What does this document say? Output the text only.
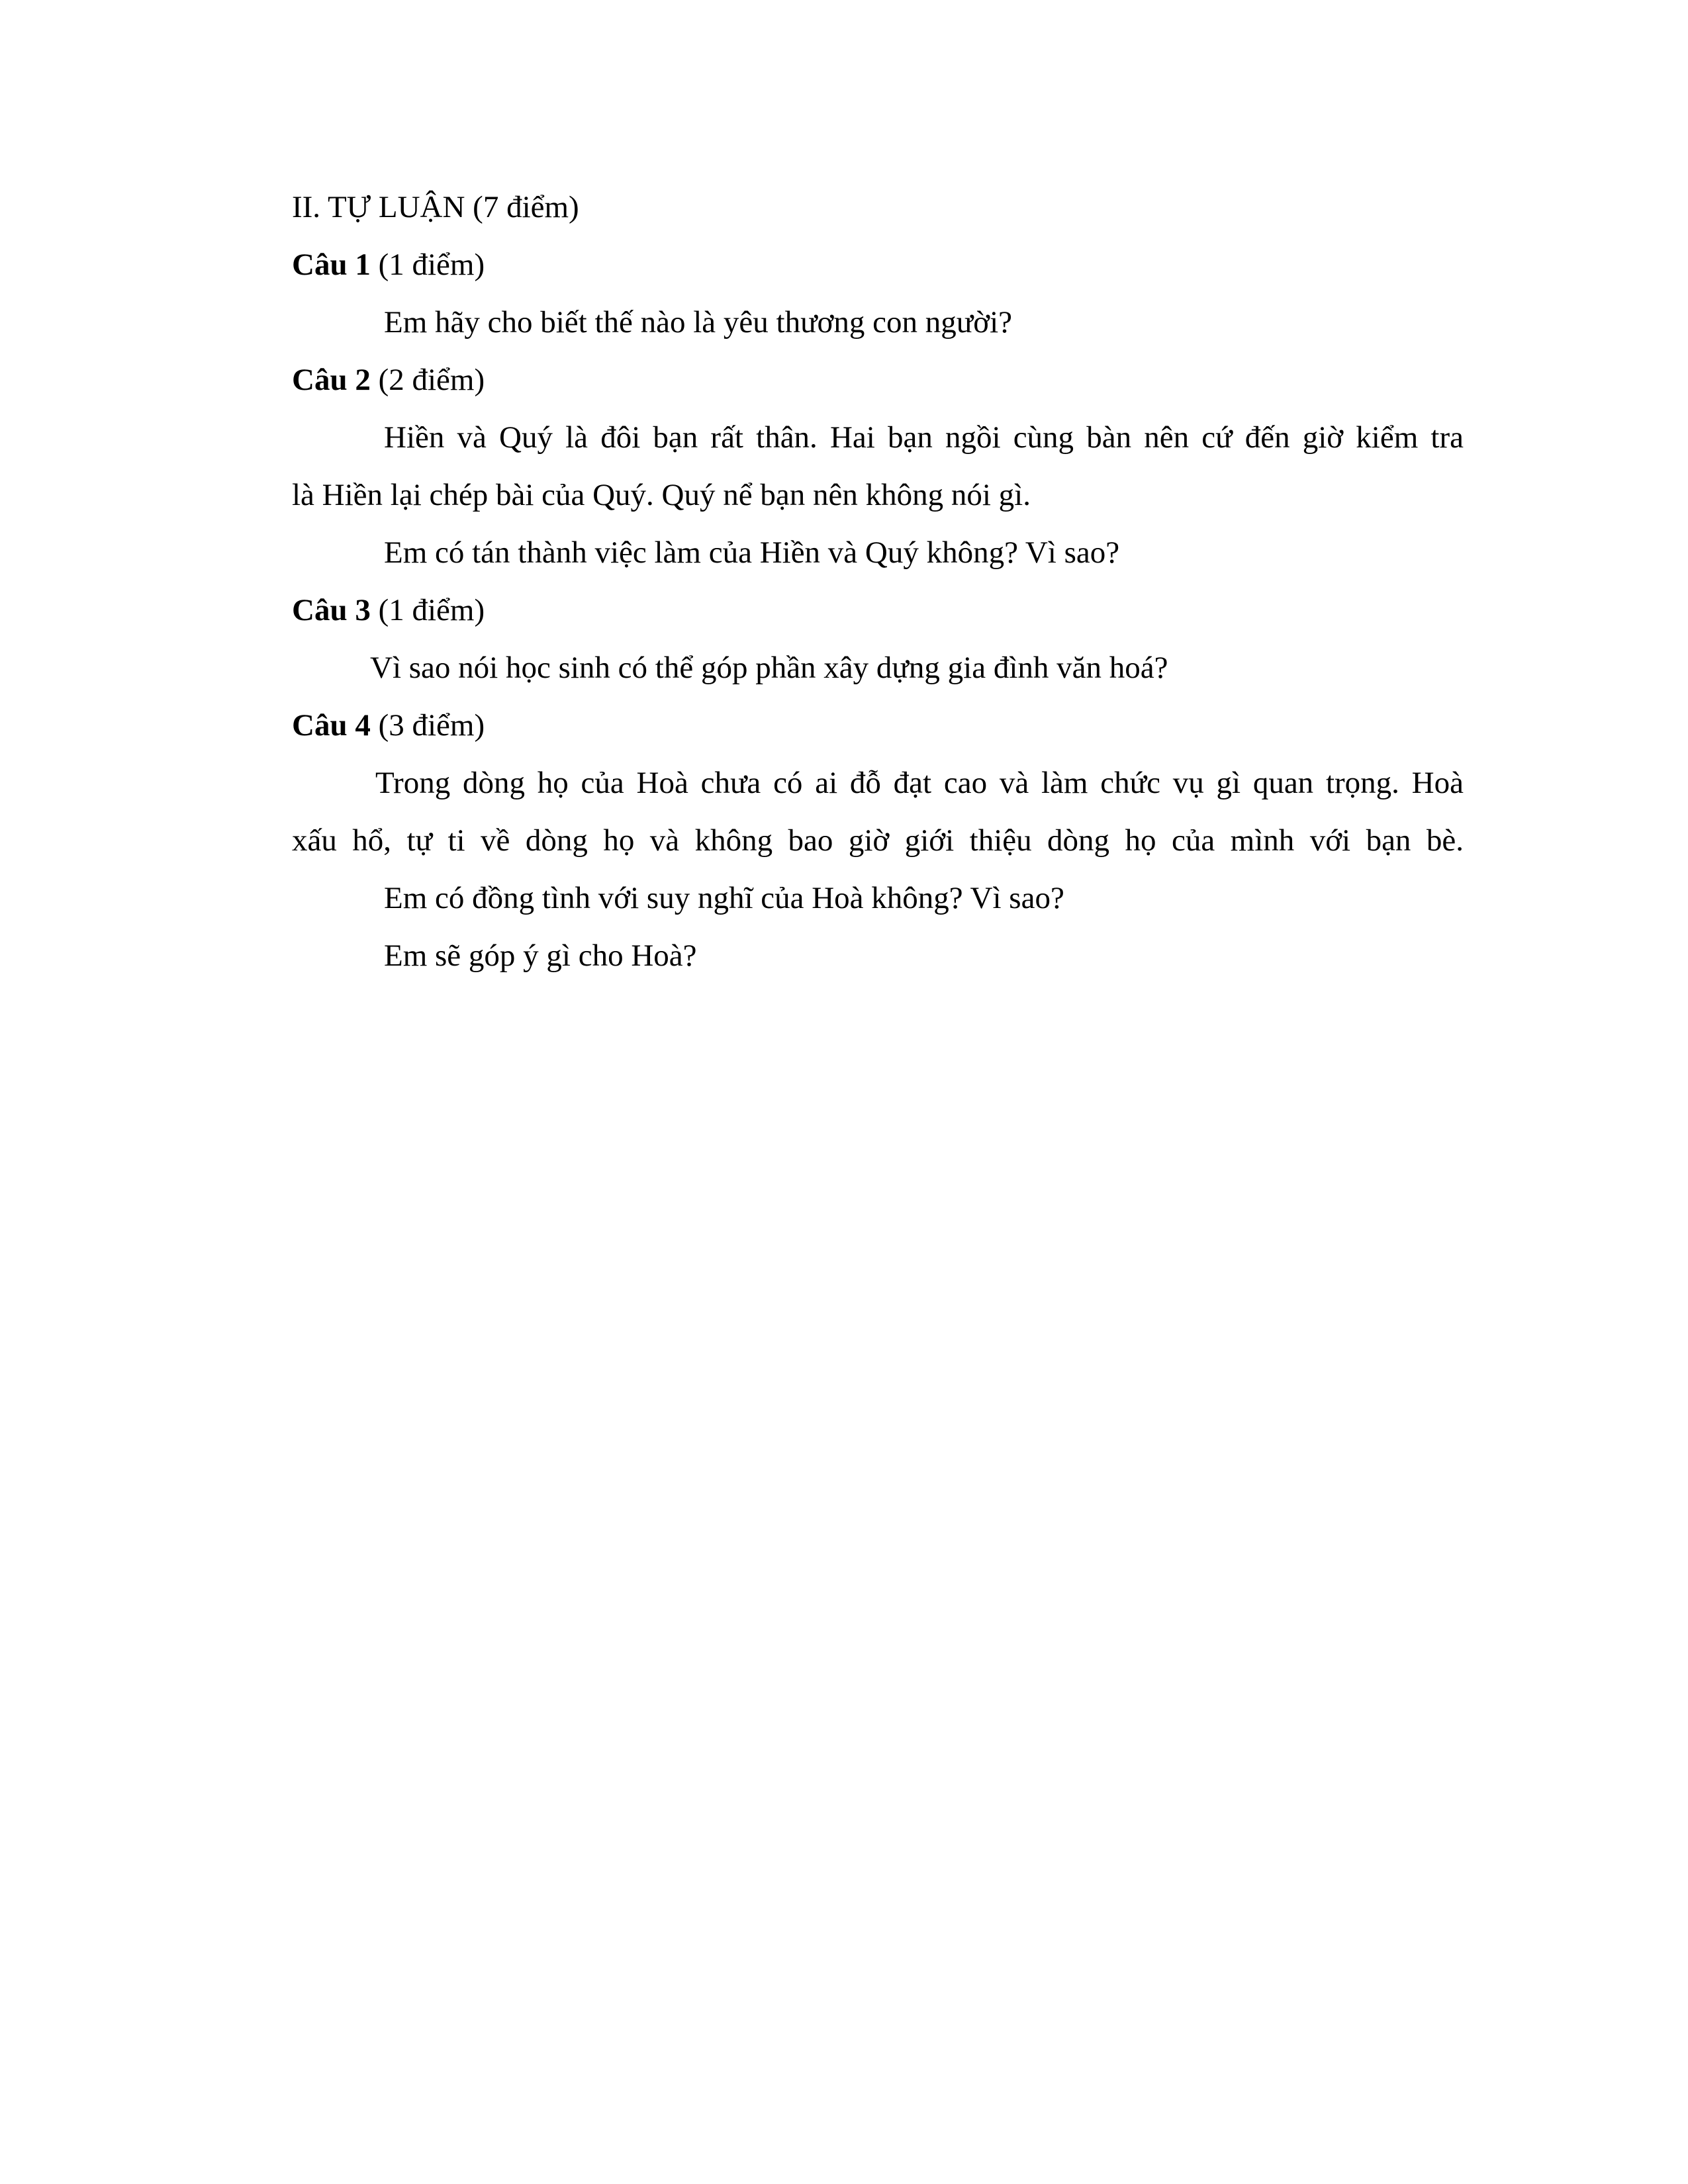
II. TỰ LUẬN (7 điểm)
Câu 1 (1 điểm)
Em hãy cho biết thế nào là yêu thương con người?
Câu 2 (2 điểm)
Hiền và Quý là đôi bạn rất thân. Hai bạn ngồi cùng bàn nên cứ đến giờ kiểm tra
là Hiền lại chép bài của Quý. Quý nể bạn nên không nói gì.
Em có tán thành việc làm của Hiền và Quý không? Vì sao?
Câu 3 (1 điểm)
Vì sao nói học sinh có thể góp phần xây dựng gia đình văn hoá?
Câu 4 (3 điểm)
Trong dòng họ của Hoà chưa có ai đỗ đạt cao và làm chức vụ gì quan trọng. Hoà
xấu hổ, tự ti về dòng họ và không bao giờ giới thiệu dòng họ của mình với bạn bè.
Em có đồng tình với suy nghĩ của Hoà không? Vì sao?
Em sẽ góp ý gì cho Hoà?
